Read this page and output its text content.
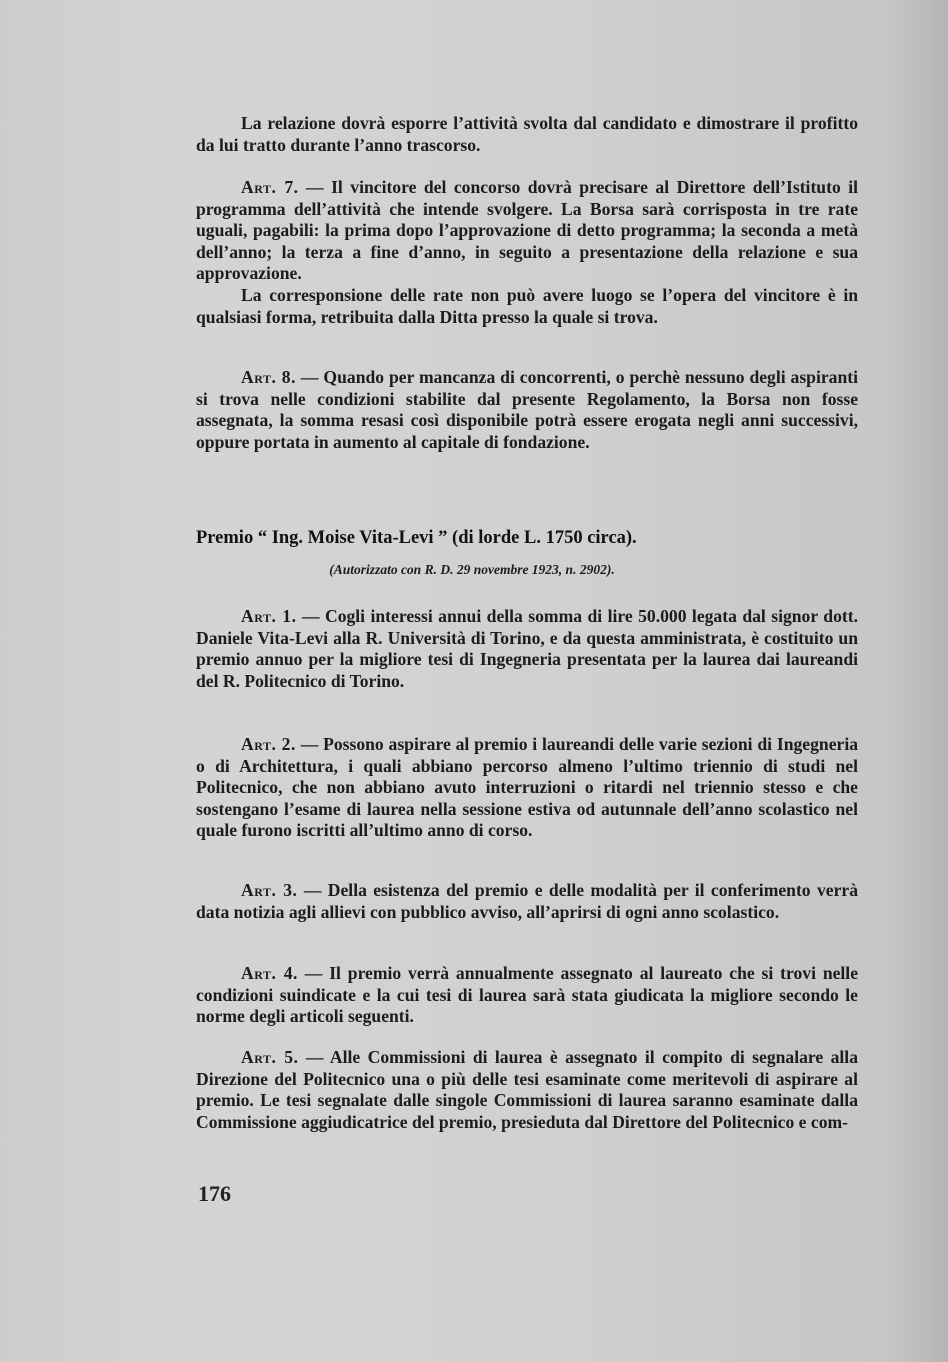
La relazione dovrà esporre l’attività svolta dal candidato e dimostrare il profitto da lui tratto durante l’anno trascorso.

Art. 7. — Il vincitore del concorso dovrà precisare al Direttore dell’Istituto il programma dell’attività che intende svolgere. La Borsa sarà corrisposta in tre rate uguali, pagabili: la prima dopo l’approvazione di detto programma; la seconda a metà dell’anno; la terza a fine d’anno, in seguito a presentazione della relazione e sua approvazione.

La corresponsione delle rate non può avere luogo se l’opera del vincitore è in qualsiasi forma, retribuita dalla Ditta presso la quale si trova.

Art. 8. — Quando per mancanza di concorrenti, o perchè nessuno degli aspiranti si trova nelle condizioni stabilite dal presente Regolamento, la Borsa non fosse assegnata, la somma resasi così disponibile potrà essere erogata negli anni successivi, oppure portata in aumento al capitale di fondazione.

Premio “ Ing. Moise Vita-Levi ” (di lorde L. 1750 circa).
(Autorizzato con R. D. 29 novembre 1923, n. 2902).

Art. 1. — Cogli interessi annui della somma di lire 50.000 legata dal signor dott. Daniele Vita-Levi alla R. Università di Torino, e da questa amministrata, è costituito un premio annuo per la migliore tesi di Ingegneria presentata per la laurea dai laureandi del R. Politecnico di Torino.

Art. 2. — Possono aspirare al premio i laureandi delle varie sezioni di Ingegneria o di Architettura, i quali abbiano percorso almeno l’ultimo triennio di studi nel Politecnico, che non abbiano avuto interruzioni o ritardi nel triennio stesso e che sostengano l’esame di laurea nella sessione estiva od autunnale dell’anno scolastico nel quale furono iscritti all’ultimo anno di corso.

Art. 3. — Della esistenza del premio e delle modalità per il conferimento verrà data notizia agli allievi con pubblico avviso, all’aprirsi di ogni anno scolastico.

Art. 4. — Il premio verrà annualmente assegnato al laureato che si trovi nelle condizioni suindicate e la cui tesi di laurea sarà stata giudicata la migliore secondo le norme degli articoli seguenti.

Art. 5. — Alle Commissioni di laurea è assegnato il compito di segnalare alla Direzione del Politecnico una o più delle tesi esaminate come meritevoli di aspirare al premio. Le tesi segnalate dalle singole Commissioni di laurea saranno esaminate dalla Commissione aggiudicatrice del premio, presieduta dal Direttore del Politecnico e com-

176
